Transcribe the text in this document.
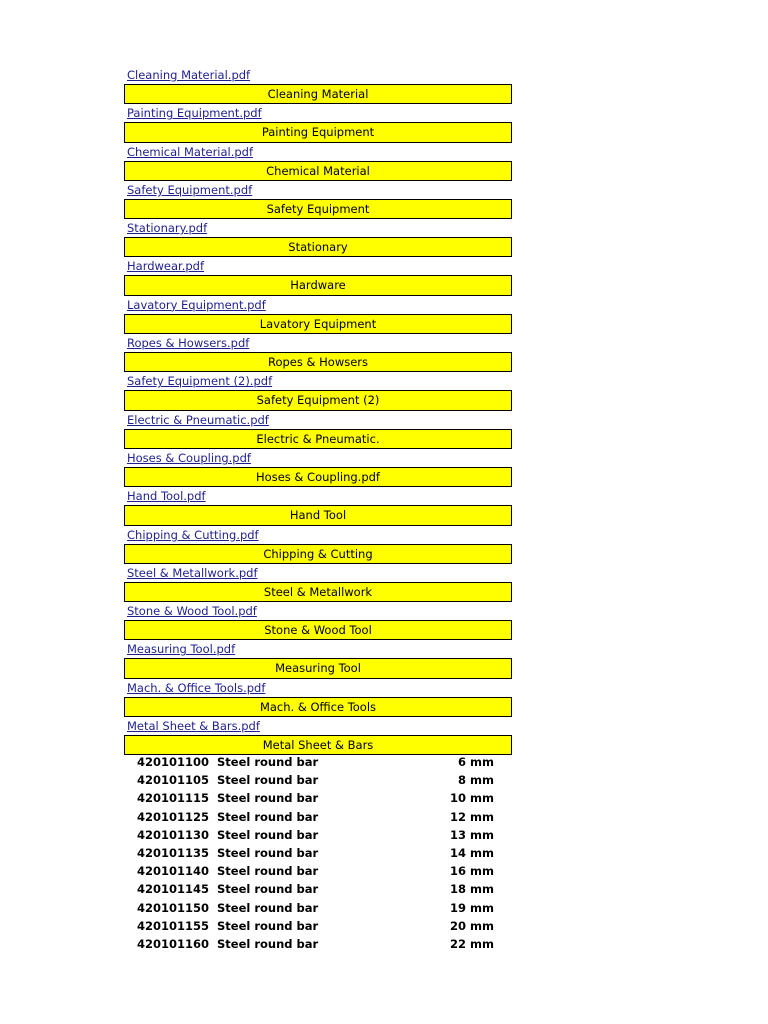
Cleaning Material.pdf
Cleaning Material
Painting Equipment.pdf
Painting Equipment
Chemical Material.pdf
Chemical Material
Safety Equipment.pdf
Safety Equipment
Stationary.pdf
Stationary
Hardwear.pdf
Hardware
Lavatory Equipment.pdf
Lavatory Equipment
Ropes & Howsers.pdf
Ropes & Howsers
Safety Equipment (2).pdf
Safety Equipment (2)
Electric & Pneumatic.pdf
Electric & Pneumatic.
Hoses & Coupling.pdf
Hoses & Coupling.pdf
Hand Tool.pdf
Hand Tool
Chipping & Cutting.pdf
Chipping & Cutting
Steel & Metallwork.pdf
Steel & Metallwork
Stone & Wood Tool.pdf
Stone & Wood Tool
Measuring Tool.pdf
Measuring Tool
Mach. & Office Tools.pdf
Mach. & Office Tools
Metal Sheet & Bars.pdf
Metal Sheet & Bars
420101100 Steel round bar	6 mm
420101105 Steel round bar	8 mm
420101115 Steel round bar	10 mm
420101125 Steel round bar	12 mm
420101130 Steel round bar	13 mm
420101135 Steel round bar	14 mm
420101140 Steel round bar	16 mm
420101145 Steel round bar	18 mm
420101150 Steel round bar	19 mm
420101155 Steel round bar	20 mm
420101160 Steel round bar	22 mm
